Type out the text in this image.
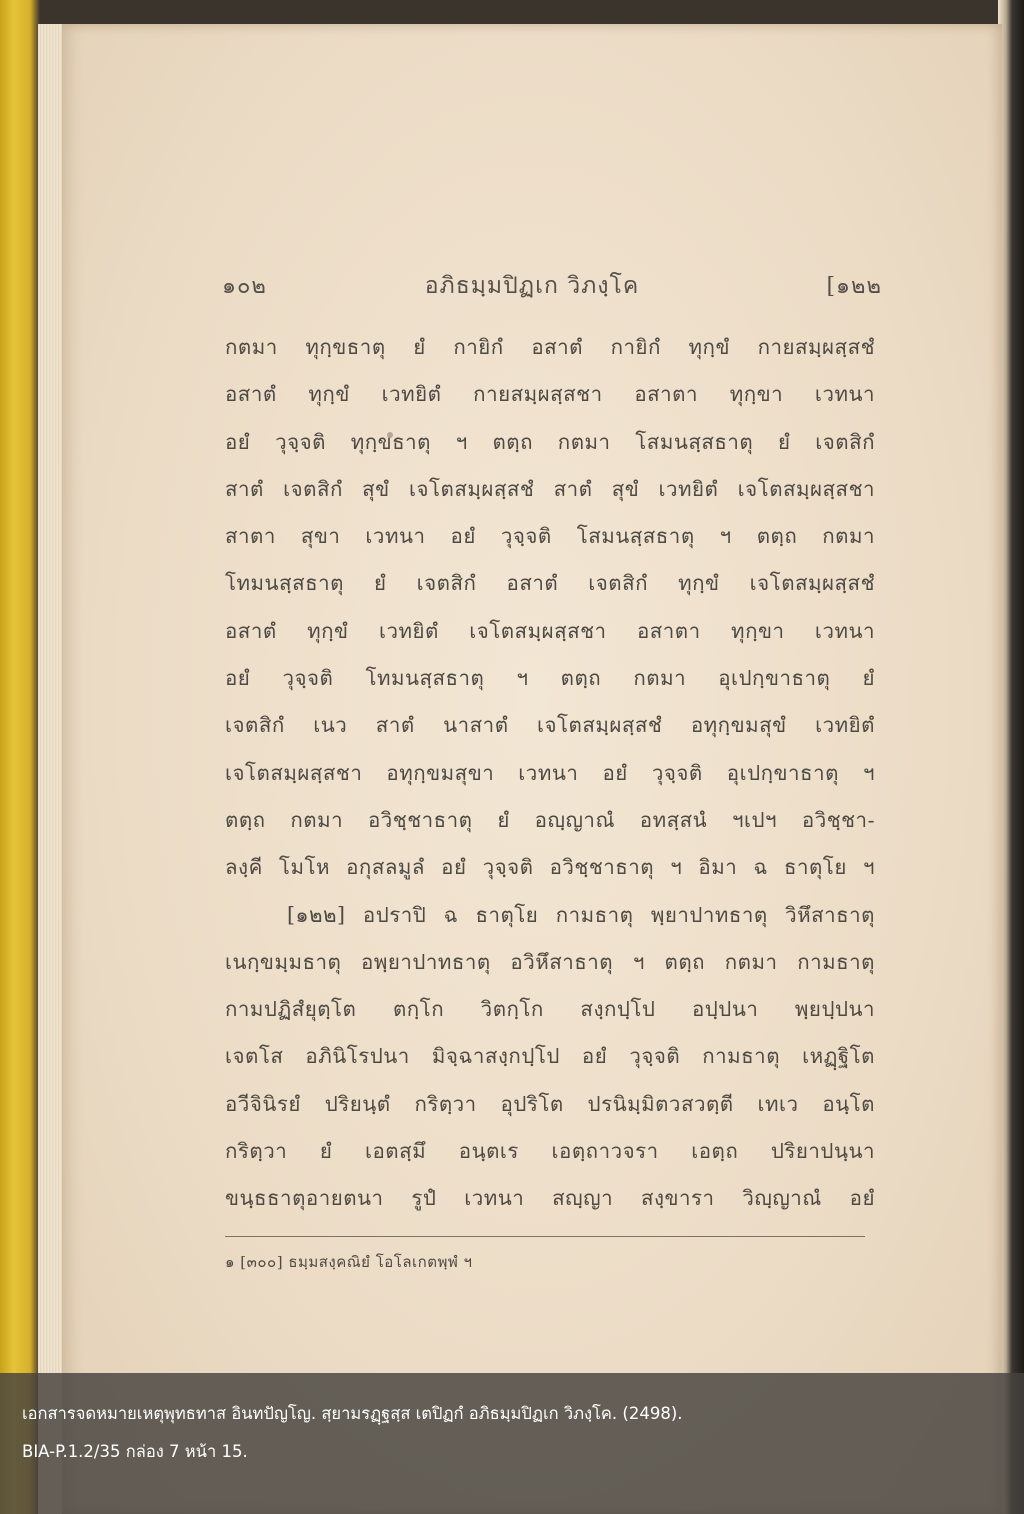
๑๐๒	อภิธมฺมปิฏเก วิภงฺโค	[๑๒๒
กตมา ทุกฺขธาตุ ยํ กายิกํ อสาตํ กายิกํ ทุกฺขํ กายสมฺผสฺสชํ
อสาตํ ทุกฺขํ เวทยิตํ กายสมฺผสฺสชา อสาตา ทุกฺขา เวทนา
อยํ วุจฺจติ ทุกฺขธาตุ ฯ ตตฺถ กตมา โสมนสฺสธาตุ ยํ เจตสิกํ
สาตํ เจตสิกํ สุขํ เจโตสมฺผสฺสชํ สาตํ สุขํ เวทยิตํ เจโตสมฺผสฺสชา
สาตา สุขา เวทนา อยํ วุจฺจติ โสมนสฺสธาตุ ฯ ตตฺถ กตมา
โทมนสฺสธาตุ ยํ เจตสิกํ อสาตํ เจตสิกํ ทุกฺขํ เจโตสมฺผสฺสชํ
อสาตํ ทุกฺขํ เวทยิตํ เจโตสมฺผสฺสชา อสาตา ทุกฺขา เวทนา
อยํ วุจฺจติ โทมนสฺสธาตุ ฯ ตตฺถ กตมา อุเปกฺขาธาตุ ยํ
เจตสิกํ เนว สาตํ นาสาตํ เจโตสมฺผสฺสชํ อทุกฺขมสุขํ เวทยิตํ
เจโตสมฺผสฺสชา อทุกฺขมสุขา เวทนา อยํ วุจฺจติ อุเปกฺขาธาตุ ฯ
ตตฺถ กตมา อวิชฺชาธาตุ ยํ อญฺญาณํ อทสฺสนํ ฯเปฯ อวิชฺชา-
ลงฺคี โมโห อกุสลมูลํ อยํ วุจฺจติ อวิชฺชาธาตุ ฯ อิมา ฉ ธาตุโย ฯ
[๑๒๒] อปราปิ ฉ ธาตุโย กามธาตุ พฺยาปาทธาตุ วิหึสาธาตุ
เนกฺขมฺมธาตุ อพฺยาปาทธาตุ อวิหึสาธาตุ ฯ ตตฺถ กตมา กามธาตุ
กามปฏิสํยุตฺโต ตกฺโก วิตกฺโก สงฺกปฺโป อปฺปนา พฺยปฺปนา
เจตโส อภินิโรปนา มิจฺฉาสงฺกปฺโป อยํ วุจฺจติ กามธาตุ เหฏฺฐิโต
อวีจินิรยํ ปริยนฺตํ กริตฺวา อุปริโต ปรนิมฺมิตวสวตฺตี เทเว อนฺโต
กริตฺวา ยํ เอตสฺมึ อนฺตเร เอตฺถาวจรา เอตฺถ ปริยาปนฺนา
ขนฺธธาตุอายตนา รูปํ เวทนา สญฺญา สงฺขารา วิญฺญาณํ อยํ
๑ [๓๐๐] ธมฺมสงฺคณิยํ โอโลเกตพฺพํ ฯ
เอกสารจดหมายเหตุพุทธทาส อินทปัญโญ. สฺยามรฏฺฐสฺส เตปิฏกํ อภิธมฺมปิฏเก วิภงฺโค. (2498).
BIA-P.1.2/35 กล่อง 7 หน้า 15.
